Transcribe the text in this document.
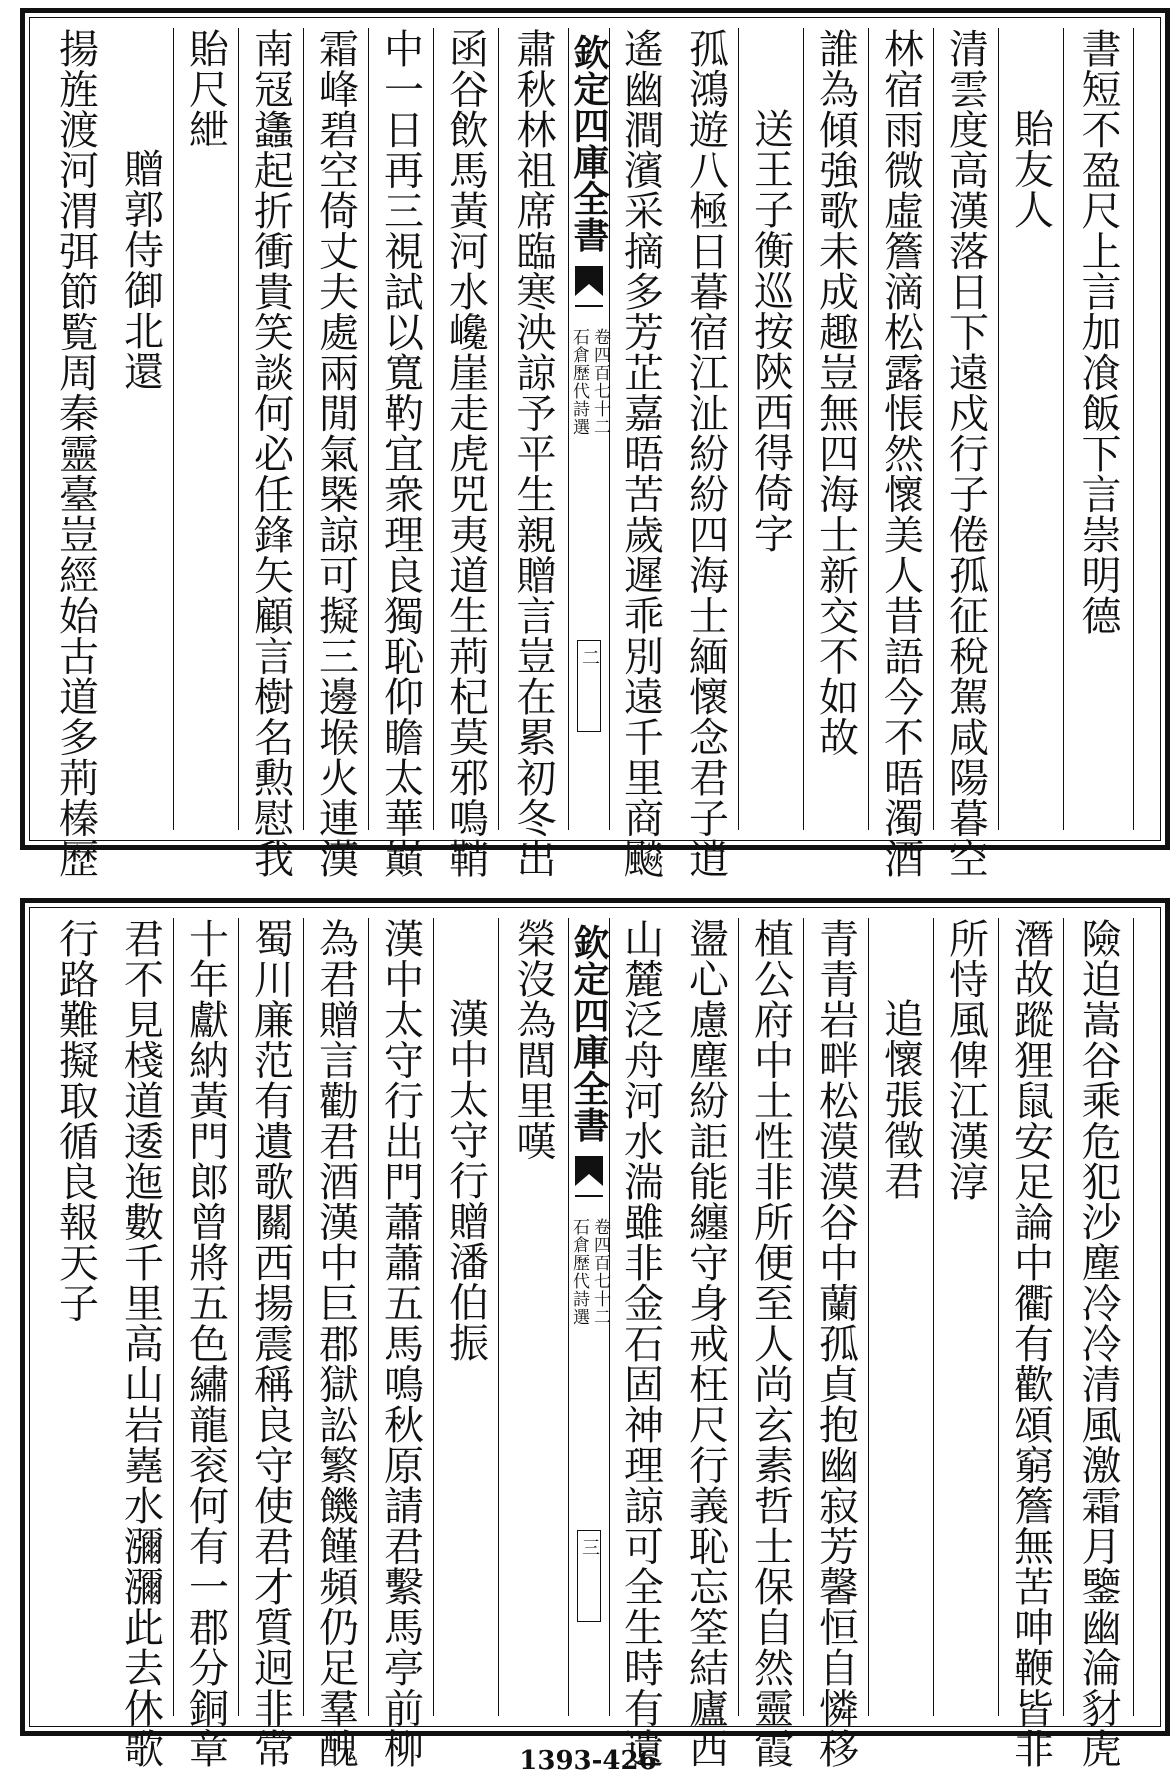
書短不盈尺上言加飡飯下言崇明德
貽友人
清雲度高漢落日下遠戍行子倦孤征稅駕咸陽暮空
林宿雨微虛簷滴松露悵然懷美人昔語今不晤濁酒
誰為傾強歌未成趣豈無四海士新交不如故
送王子衡巡按陝西得倚字
孤鴻遊八極日暮宿江沚紛紛四海士緬懷念君子逍
遙幽澗濱采摘多芳芷嘉晤苦歲遲乖別遠千里商飈
欽定四庫全書
石倉歷代詩選 卷四百七十二
二
肅秋林祖席臨寒泱諒予平生親贈言豈在累初冬出
函谷飲馬黃河水巉崖走虎兕夷道生荊杞莫邪鳴鞘
中一日再三視試以寬靮宜衆理良獨恥仰瞻太華巔
霜峰碧空倚丈夫處兩閒氣槩諒可擬三邊堠火連漢
南冦蠭起折衝貴笑談何必任鋒矢顧言樹名勲慰我
貽尺紲
贈郭侍御北還
揚旌渡河渭弭節覧周秦靈臺豈經始古道多荊榛歷
險迫嵩谷乘危犯沙塵冷冷清風激霜月鑒幽淪豺虎
潛故蹤狸鼠安足論中衢有歡頌窮簷無苦呻鞭皆非
所恃風俾江漢淳
追懷張徵君
青青岩畔松漠漠谷中蘭孤貞抱幽寂芳馨恒自憐移
植公府中土性非所便至人尚玄素哲士保自然靈霞
盪心慮塵紛詎能纏守身戒枉尺行義恥忘筌結廬西
山麓泛舟河水湍雖非金石固神理諒可全生時有遺
欽定四庫全書
石倉歷代詩選 卷四百七十二
三
榮沒為閭里嘆
漢中太守行贈潘伯振
漢中太守行出門蕭蕭五馬鳴秋原請君繫馬亭前柳
為君贈言勸君酒漢中巨郡獄訟繁饑饉頻仍足羣醜
蜀川廉范有遺歌關西揚震稱良守使君才質迥非常
十年獻納黃門郎曾將五色繡龍衮何有一郡分銅章
君不見棧道逶迤數千里高山岩嶤水瀰瀰此去休歌
行路難擬取循良報天子
1393-426
